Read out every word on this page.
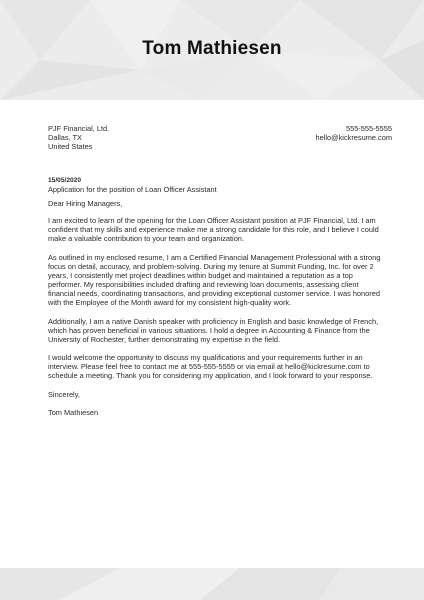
Tom Mathiesen
PJF Financial, Ltd.
Dallas, TX
United States
555-555-5555
hello@kickresume.com
15/05/2020
Application for the position of Loan Officer Assistant

Dear Hiring Managers,

I am excited to learn of the opening for the Loan Officer Assistant position at PJF Financial, Ltd. I am confident that my skills and experience make me a strong candidate for this role, and I believe I could make a valuable contribution to your team and organization.

As outlined in my enclosed resume, I am a Certified Financial Management Professional with a strong focus on detail, accuracy, and problem-solving. During my tenure at Summit Funding, Inc. for over 2 years, I consistently met project deadlines within budget and maintained a reputation as a top performer. My responsibilities included drafting and reviewing loan documents, assessing client financial needs, coordinating transactions, and providing exceptional customer service. I was honored with the Employee of the Month award for my consistent high-quality work.

Additionally, I am a native Danish speaker with proficiency in English and basic knowledge of French, which has proven beneficial in various situations. I hold a degree in Accounting & Finance from the University of Rochester, further demonstrating my expertise in the field.

I would welcome the opportunity to discuss my qualifications and your requirements further in an interview. Please feel free to contact me at 555-555-5555 or via email at hello@kickresume.com to schedule a meeting. Thank you for considering my application, and I look forward to your response.

Sincerely,

Tom Mathiesen
